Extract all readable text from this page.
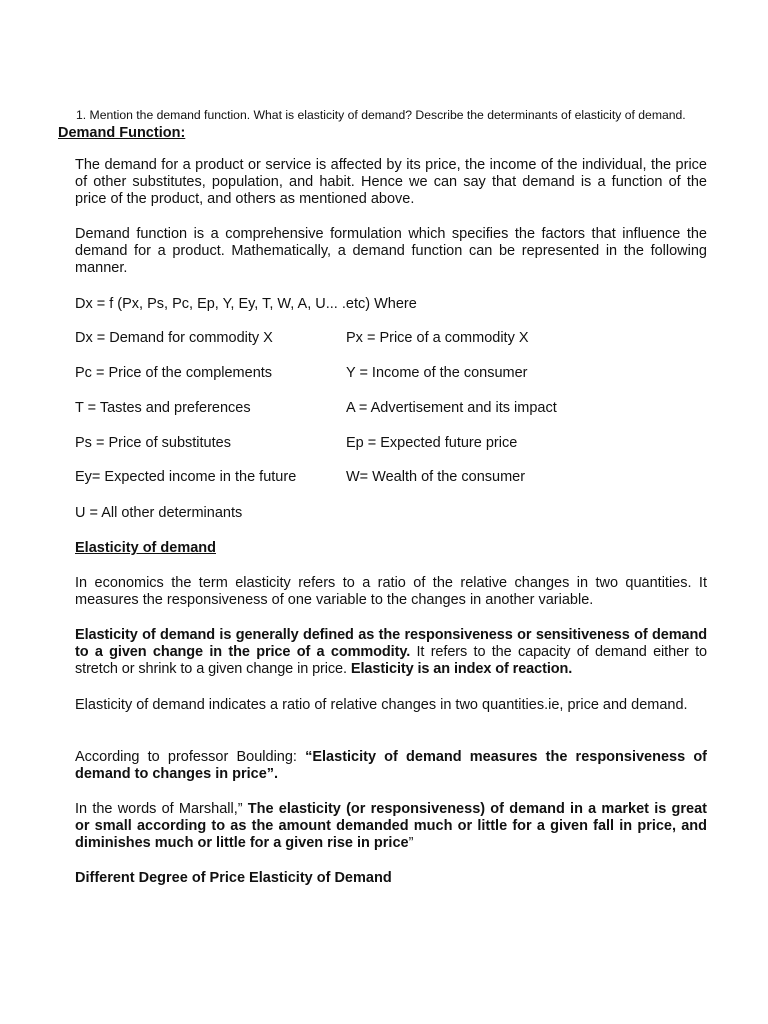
1. Mention the demand function. What is elasticity of demand? Describe the determinants of elasticity of demand.
Demand Function:

The demand for a product or service is affected by its price, the income of the individual, the price of other substitutes, population, and habit. Hence we can say that demand is a function of the price of the product, and others as mentioned above.

Demand function is a comprehensive formulation which specifies the factors that influence the demand for a product. Mathematically, a demand function can be represented in the following manner.

Dx = f (Px, Ps, Pc, Ep, Y, Ey, T, W, A, U... .etc) Where

Dx = Demand for commodity X	Px = Price of a commodity X

Pc = Price of the complements	Y = Income of the consumer

T = Tastes and preferences	A = Advertisement and its impact

Ps = Price of substitutes	Ep = Expected future price

Ey= Expected income in the future	W= Wealth of the consumer

U = All other determinants

Elasticity of demand

In economics the term elasticity refers to a ratio of the relative changes in two quantities. It measures the responsiveness of one variable to the changes in another variable.

Elasticity of demand is generally defined as the responsiveness or sensitiveness of demand to a given change in the price of a commodity. It refers to the capacity of demand either to stretch or shrink to a given change in price. Elasticity is an index of reaction.

Elasticity of demand indicates a ratio of relative changes in two quantities.ie, price and demand.

According to professor Boulding: “Elasticity of demand measures the responsiveness of demand to changes in price”.

In the words of Marshall,” The elasticity (or responsiveness) of demand in a market is great or small according to as the amount demanded much or little for a given fall in price, and diminishes much or little for a given rise in price”

Different Degree of Price Elasticity of Demand
